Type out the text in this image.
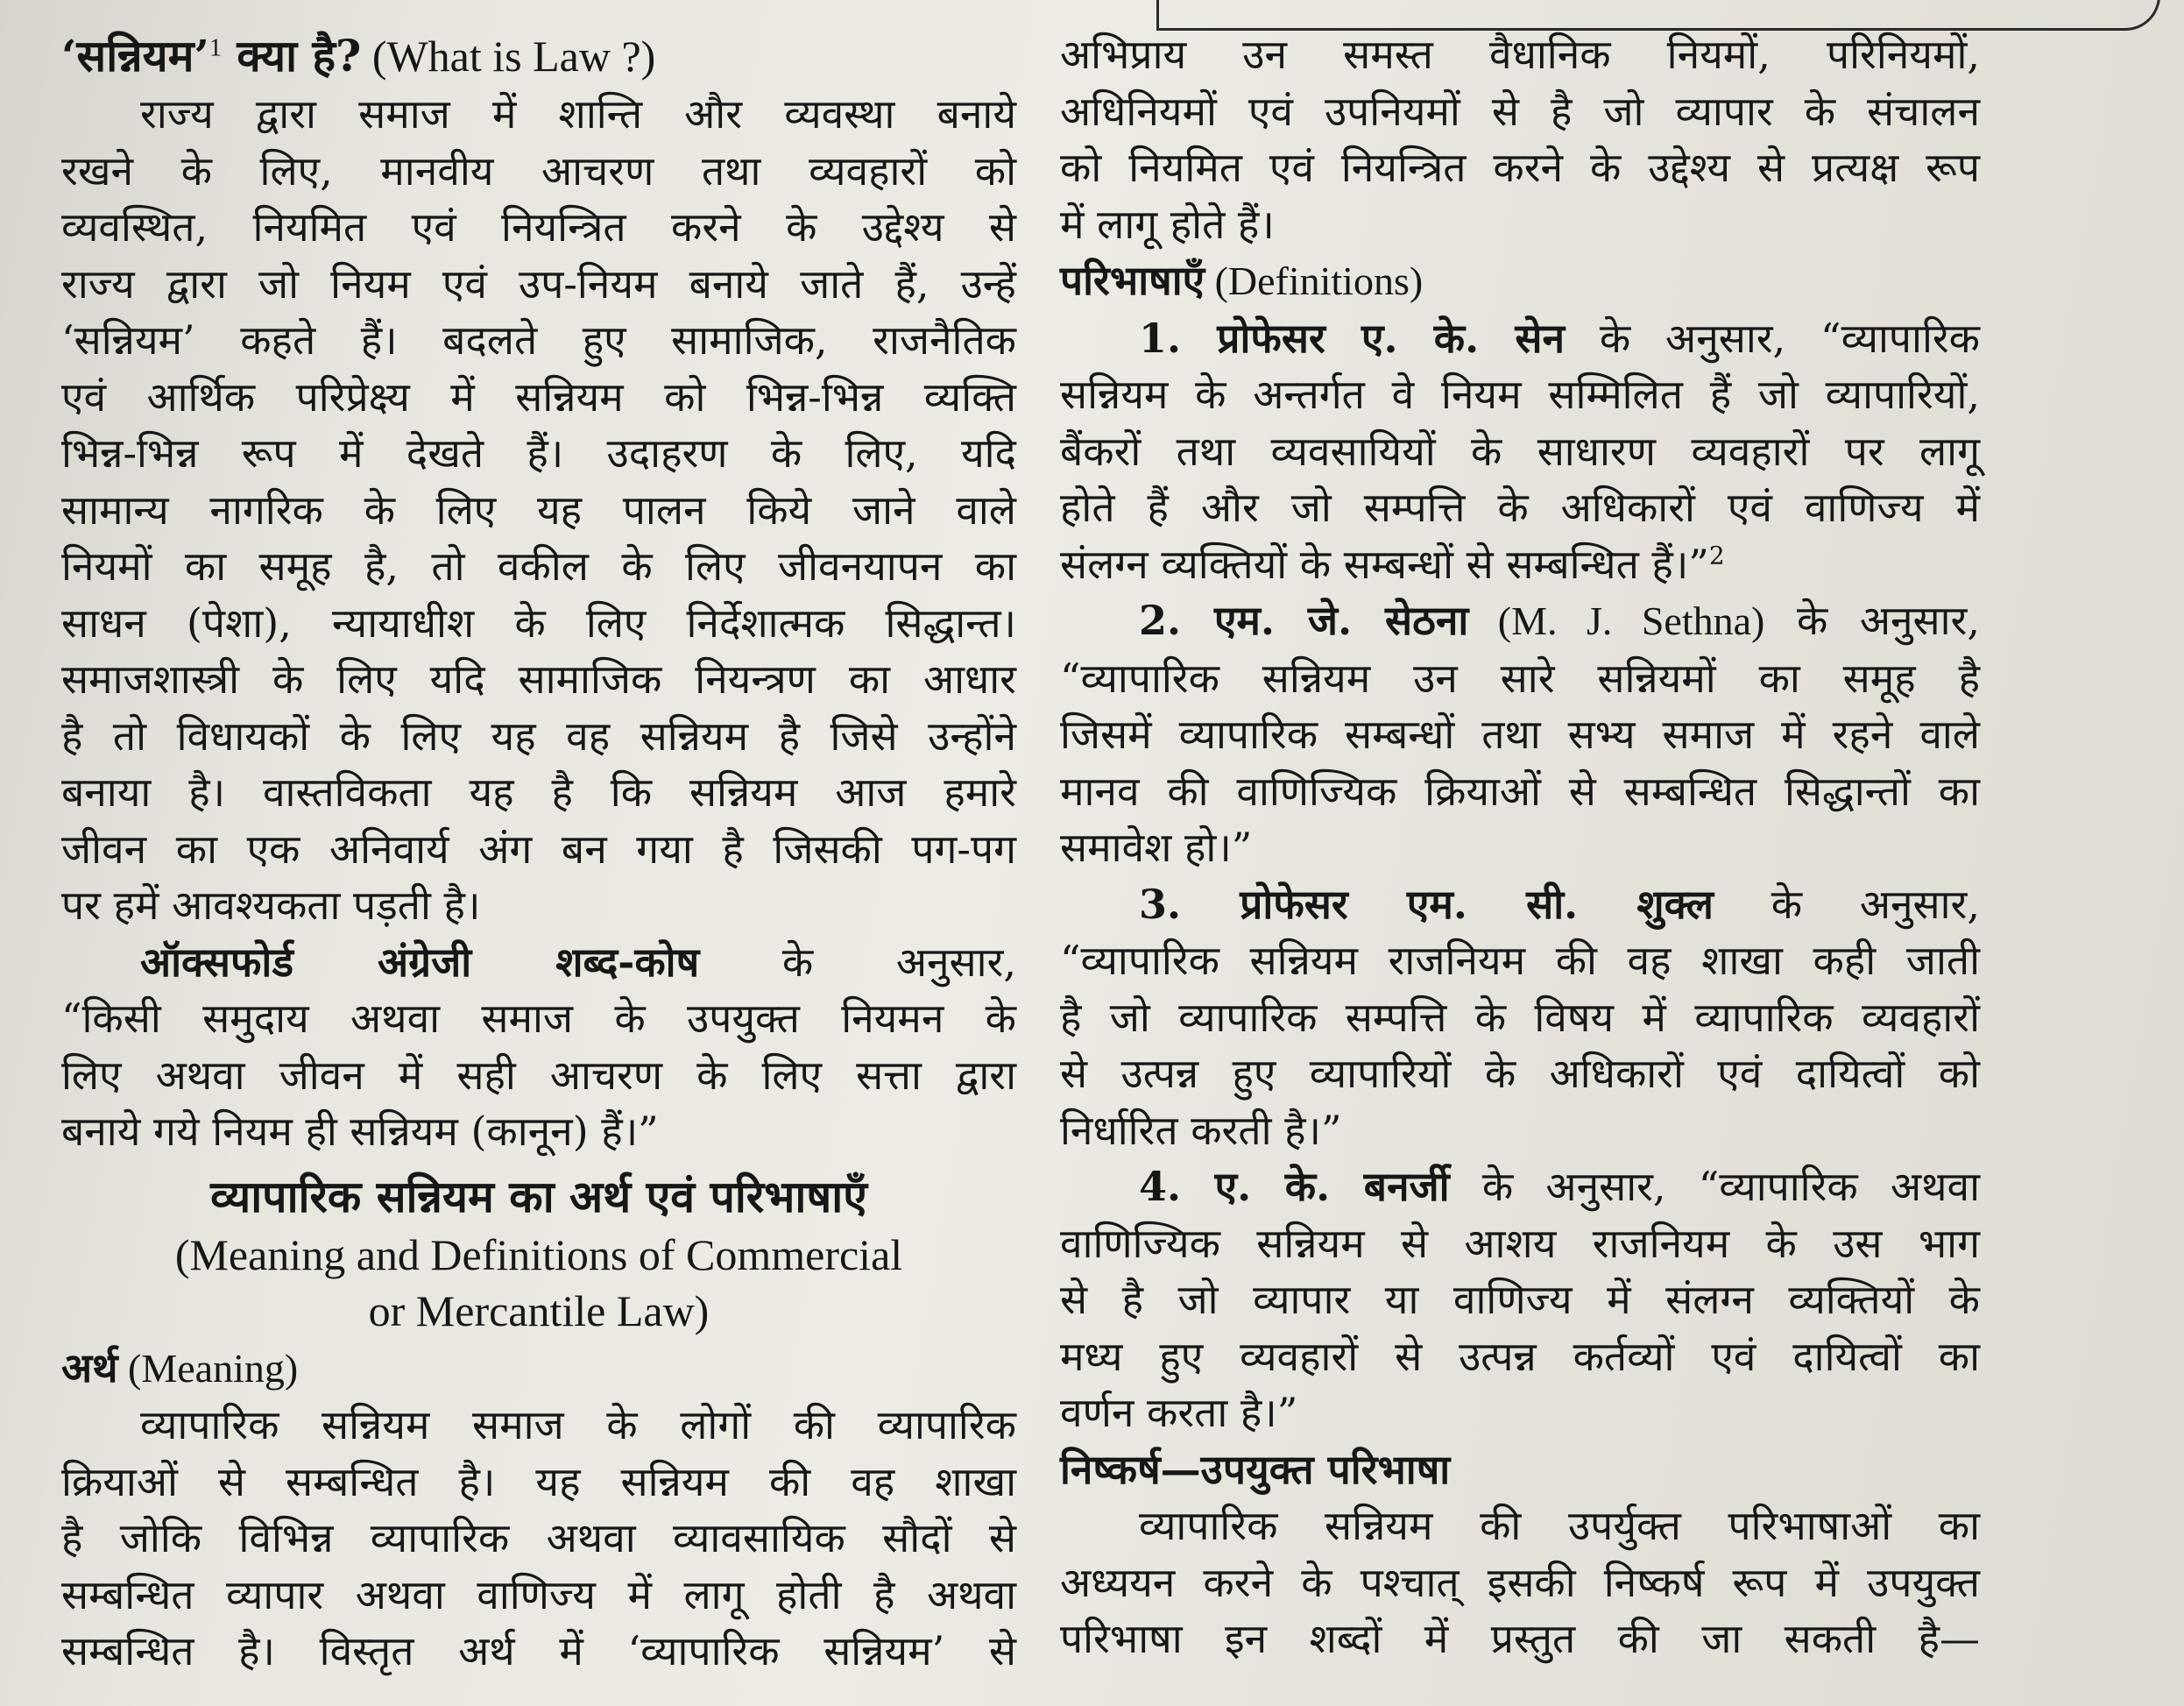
‘सन्नियम’$^1$ क्या है? (What is Law ?)
राज्य द्वारा समाज में शान्ति और व्यवस्था बनाये
रखने के लिए, मानवीय आचरण तथा व्यवहारों को
व्यवस्थित, नियमित एवं नियन्त्रित करने के उद्देश्य से
राज्य द्वारा जो नियम एवं उप-नियम बनाये जाते हैं, उन्हें
‘सन्नियम’ कहते हैं। बदलते हुए सामाजिक, राजनैतिक
एवं आर्थिक परिप्रेक्ष्य में सन्नियम को भिन्न-भिन्न व्यक्ति
भिन्न-भिन्न रूप में देखते हैं। उदाहरण के लिए, यदि
सामान्य नागरिक के लिए यह पालन किये जाने वाले
नियमों का समूह है, तो वकील के लिए जीवनयापन का
साधन (पेशा), न्यायाधीश के लिए निर्देशात्मक सिद्धान्त।
समाजशास्त्री के लिए यदि सामाजिक नियन्त्रण का आधार
है तो विधायकों के लिए यह वह सन्नियम है जिसे उन्होंने
बनाया है। वास्तविकता यह है कि सन्नियम आज हमारे
जीवन का एक अनिवार्य अंग बन गया है जिसकी पग-पग
पर हमें आवश्यकता पड़ती है।
ऑक्सफोर्ड अंग्रेजी शब्द-कोष के अनुसार,
“किसी समुदाय अथवा समाज के उपयुक्त नियमन के
लिए अथवा जीवन में सही आचरण के लिए सत्ता द्वारा
बनाये गये नियम ही सन्नियम (कानून) हैं।”
व्यापारिक सन्नियम का अर्थ एवं परिभाषाएँ
(Meaning and Definitions of Commercial
or Mercantile Law)
अर्थ (Meaning)
व्यापारिक सन्नियम समाज के लोगों की व्यापारिक
क्रियाओं से सम्बन्धित है। यह सन्नियम की वह शाखा
है जोकि विभिन्न व्यापारिक अथवा व्यावसायिक सौदों से
सम्बन्धित व्यापार अथवा वाणिज्य में लागू होती है अथवा
सम्बन्धित है। विस्तृत अर्थ में ‘व्यापारिक सन्नियम’ से
अभिप्राय उन समस्त वैधानिक नियमों, परिनियमों,
अधिनियमों एवं उपनियमों से है जो व्यापार के संचालन
को नियमित एवं नियन्त्रित करने के उद्देश्य से प्रत्यक्ष रूप
में लागू होते हैं।
परिभाषाएँ (Definitions)
1. प्रोफेसर ए. के. सेन के अनुसार, “व्यापारिक
सन्नियम के अन्तर्गत वे नियम सम्मिलित हैं जो व्यापारियों,
बैंकरों तथा व्यवसायियों के साधारण व्यवहारों पर लागू
होते हैं और जो सम्पत्ति के अधिकारों एवं वाणिज्य में
संलग्न व्यक्तियों के सम्बन्धों से सम्बन्धित हैं।”$^2$
2. एम. जे. सेठना (M. J. Sethna) के अनुसार,
“व्यापारिक सन्नियम उन सारे सन्नियमों का समूह है
जिसमें व्यापारिक सम्बन्धों तथा सभ्य समाज में रहने वाले
मानव की वाणिज्यिक क्रियाओं से सम्बन्धित सिद्धान्तों का
समावेश हो।”
3. प्रोफेसर एम. सी. शुक्ल के अनुसार,
“व्यापारिक सन्नियम राजनियम की वह शाखा कही जाती
है जो व्यापारिक सम्पत्ति के विषय में व्यापारिक व्यवहारों
से उत्पन्न हुए व्यापारियों के अधिकारों एवं दायित्वों को
निर्धारित करती है।”
4. ए. के. बनर्जी के अनुसार, “व्यापारिक अथवा
वाणिज्यिक सन्नियम से आशय राजनियम के उस भाग
से है जो व्यापार या वाणिज्य में संलग्न व्यक्तियों के
मध्य हुए व्यवहारों से उत्पन्न कर्तव्यों एवं दायित्वों का
वर्णन करता है।”
निष्कर्ष—उपयुक्त परिभाषा
व्यापारिक सन्नियम की उपर्युक्त परिभाषाओं का
अध्ययन करने के पश्चात् इसकी निष्कर्ष रूप में उपयुक्त
परिभाषा इन शब्दों में प्रस्तुत की जा सकती है—
